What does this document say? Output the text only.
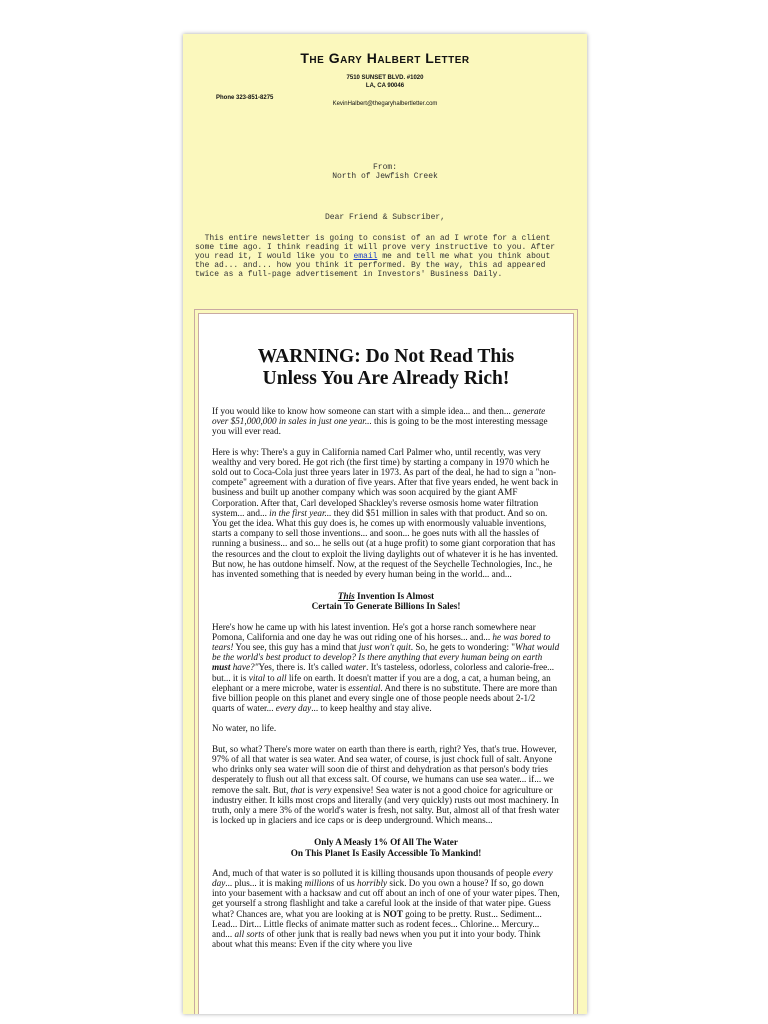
The Gary Halbert Letter
7510 SUNSET BLVD. #1020
LA, CA 90046
Phone 323-851-8275
KevinHalbert@thegaryhalbertletter.com
From:
North of Jewfish Creek
Dear Friend & Subscriber,
This entire newsletter is going to consist of an ad I wrote for a client
some time ago. I think reading it will prove very instructive to you. After
you read it, I would like you to email me and tell me what you think about
the ad... and... how you think it performed. By the way, this ad appeared
twice as a full-page advertisement in Investors' Business Daily.
WARNING: Do Not Read This
Unless You Are Already Rich!

If you would like to know how someone can start with a simple idea... and then... generate over $51,000,000 in sales in just one year... this is going to be the most interesting message you will ever read.

Here is why: There's a guy in California named Carl Palmer who, until recently, was very wealthy and very bored. He got rich (the first time) by starting a company in 1970 which he sold out to Coca-Cola just three years later in 1973. As part of the deal, he had to sign a "non-compete" agreement with a duration of five years. After that five years ended, he went back in business and built up another company which was soon acquired by the giant AMF Corporation. After that, Carl developed Shackley's reverse osmosis home water filtration system... and... in the first year... they did $51 million in sales with that product. And so on. You get the idea. What this guy does is, he comes up with enormously valuable inventions, starts a company to sell those inventions... and soon... he goes nuts with all the hassles of running a business... and so... he sells out (at a huge profit) to some giant corporation that has the resources and the clout to exploit the living daylights out of whatever it is he has invented. But now, he has outdone himself. Now, at the request of the Seychelle Technologies, Inc., he has invented something that is needed by every human being in the world... and...

This Invention Is Almost
Certain To Generate Billions In Sales!

Here's how he came up with his latest invention. He's got a horse ranch somewhere near Pomona, California and one day he was out riding one of his horses... and... he was bored to tears! You see, this guy has a mind that just won't quit. So, he gets to wondering: "What would be the world's best product to develop? Is there anything that every human being on earth must have?"Yes, there is. It's called water. It's tasteless, odorless, colorless and calorie-free... but... it is vital to all life on earth. It doesn't matter if you are a dog, a cat, a human being, an elephant or a mere microbe, water is essential. And there is no substitute. There are more than five billion people on this planet and every single one of those people needs about 2-1/2 quarts of water... every day... to keep healthy and stay alive.

No water, no life.

But, so what? There's more water on earth than there is earth, right? Yes, that's true. However, 97% of all that water is sea water. And sea water, of course, is just chock full of salt. Anyone who drinks only sea water will soon die of thirst and dehydration as that person's body tries desperately to flush out all that excess salt. Of course, we humans can use sea water... if... we remove the salt. But, that is very expensive! Sea water is not a good choice for agriculture or industry either. It kills most crops and literally (and very quickly) rusts out most machinery. In truth, only a mere 3% of the world's water is fresh, not salty. But, almost all of that fresh water is locked up in glaciers and ice caps or is deep underground. Which means...

Only A Measly 1% Of All The Water
On This Planet Is Easily Accessible To Mankind!

And, much of that water is so polluted it is killing thousands upon thousands of people every day... plus... it is making millions of us horribly sick. Do you own a house? If so, go down into your basement with a hacksaw and cut off about an inch of one of your water pipes. Then, get yourself a strong flashlight and take a careful look at the inside of that water pipe. Guess what? Chances are, what you are looking at is NOT going to be pretty. Rust... Sediment... Lead... Dirt... Little flecks of animate matter such as rodent feces... Chlorine... Mercury... and... all sorts of other junk that is really bad news when you put it into your body. Think about what this means: Even if the city where you live
